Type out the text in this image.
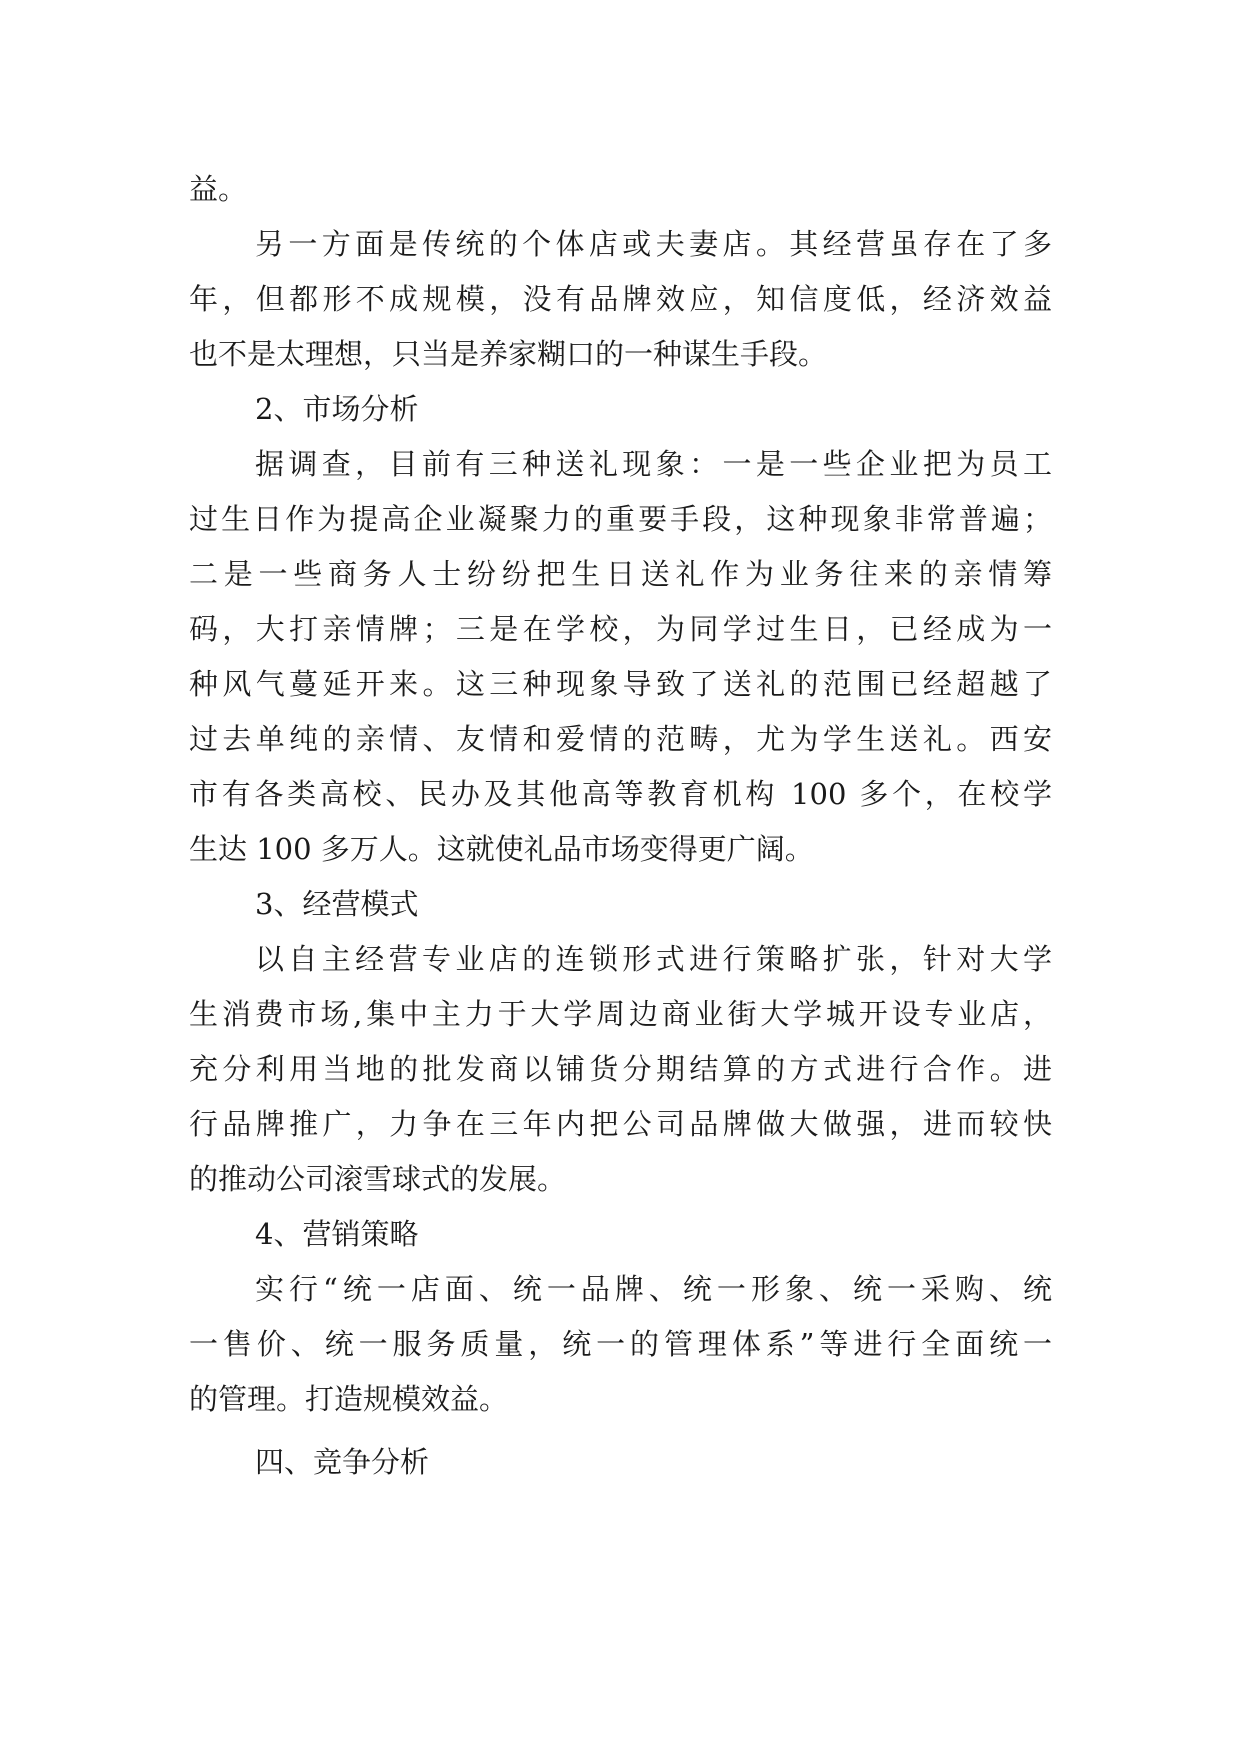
益。
另一方面是传统的个体店或夫妻店。其经营虽存在了多
年，但都形不成规模，没有品牌效应，知信度低，经济效益
也不是太理想，只当是养家糊口的一种谋生手段。
2、市场分析
据调查，目前有三种送礼现象：一是一些企业把为员工
过生日作为提高企业凝聚力的重要手段，这种现象非常普遍；
二是一些商务人士纷纷把生日送礼作为业务往来的亲情筹
码，大打亲情牌；三是在学校，为同学过生日，已经成为一
种风气蔓延开来。这三种现象导致了送礼的范围已经超越了
过去单纯的亲情、友情和爱情的范畴，尤为学生送礼。西安
市有各类高校、民办及其他高等教育机构 100 多个，在校学
生达 100 多万人。这就使礼品市场变得更广阔。
3、经营模式
以自主经营专业店的连锁形式进行策略扩张，针对大学
生消费市场,集中主力于大学周边商业街大学城开设专业店，
充分利用当地的批发商以铺货分期结算的方式进行合作。进
行品牌推广，力争在三年内把公司品牌做大做强，进而较快
的推动公司滚雪球式的发展。
4、营销策略
实行“统一店面、统一品牌、统一形象、统一采购、统
一售价、统一服务质量，统一的管理体系”等进行全面统一
的管理。打造规模效益。
四、竞争分析
